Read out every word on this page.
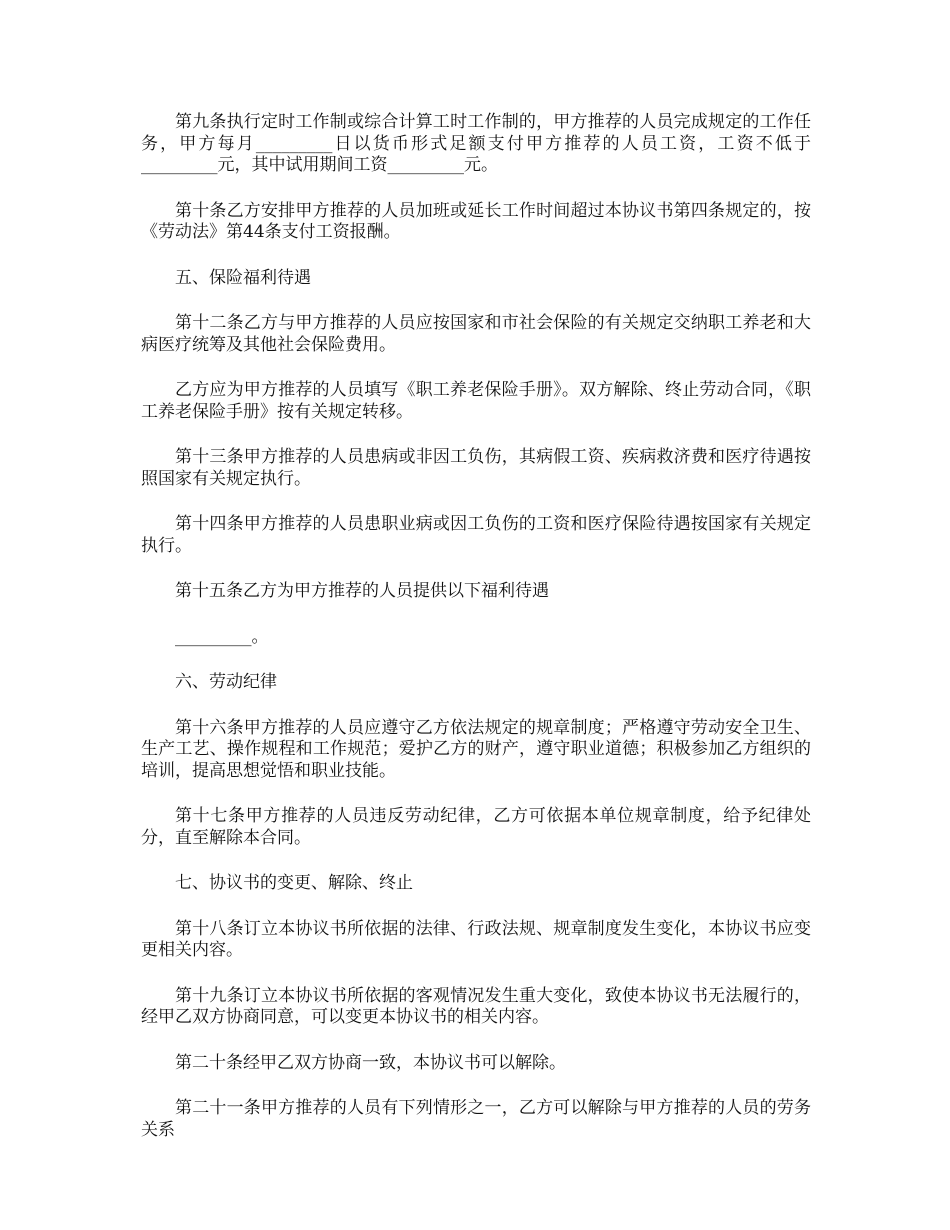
第九条执行定时工作制或综合计算工时工作制的，甲方推荐的人员完成规定的工作任务，甲方每月_________日以货币形式足额支付甲方推荐的人员工资，工资不低于_________元，其中试用期间工资_________元。

第十条乙方安排甲方推荐的人员加班或延长工作时间超过本协议书第四条规定的，按《劳动法》第44条支付工资报酬。

五、保险福利待遇

第十二条乙方与甲方推荐的人员应按国家和市社会保险的有关规定交纳职工养老和大病医疗统筹及其他社会保险费用。

乙方应为甲方推荐的人员填写《职工养老保险手册》。双方解除、终止劳动合同，《职工养老保险手册》按有关规定转移。

第十三条甲方推荐的人员患病或非因工负伤，其病假工资、疾病救济费和医疗待遇按照国家有关规定执行。

第十四条甲方推荐的人员患职业病或因工负伤的工资和医疗保险待遇按国家有关规定执行。

第十五条乙方为甲方推荐的人员提供以下福利待遇

_________。

六、劳动纪律

第十六条甲方推荐的人员应遵守乙方依法规定的规章制度；严格遵守劳动安全卫生、生产工艺、操作规程和工作规范；爱护乙方的财产，遵守职业道德；积极参加乙方组织的培训，提高思想觉悟和职业技能。

第十七条甲方推荐的人员违反劳动纪律，乙方可依据本单位规章制度，给予纪律处分，直至解除本合同。

七、协议书的变更、解除、终止

第十八条订立本协议书所依据的法律、行政法规、规章制度发生变化，本协议书应变更相关内容。

第十九条订立本协议书所依据的客观情况发生重大变化，致使本协议书无法履行的，经甲乙双方协商同意，可以变更本协议书的相关内容。

第二十条经甲乙双方协商一致，本协议书可以解除。

第二十一条甲方推荐的人员有下列情形之一，乙方可以解除与甲方推荐的人员的劳务关系
